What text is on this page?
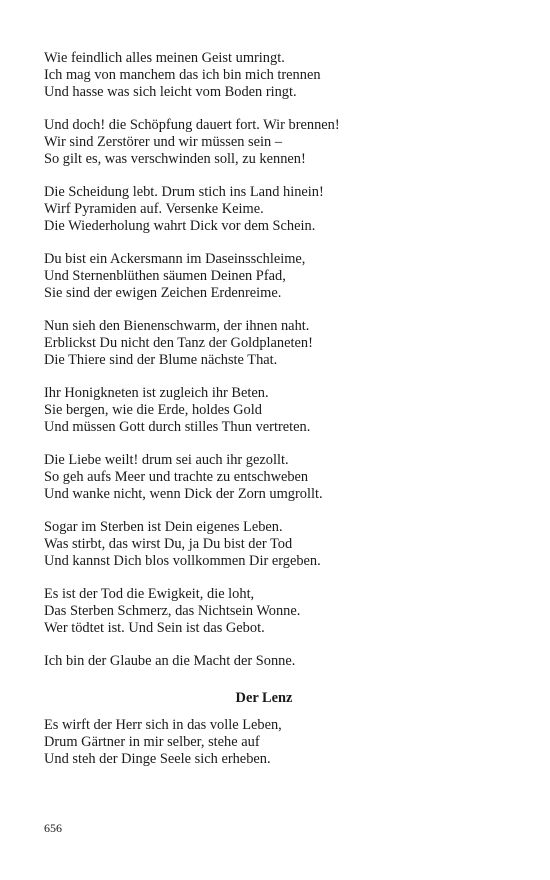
Wie feindlich alles meinen Geist umringt.
Ich mag von manchem das ich bin mich trennen
Und hasse was sich leicht vom Boden ringt.
Und doch! die Schöpfung dauert fort. Wir brennen!
Wir sind Zerstörer und wir müssen sein –
So gilt es, was verschwinden soll, zu kennen!
Die Scheidung lebt. Drum stich ins Land hinein!
Wirf Pyramiden auf. Versenke Keime.
Die Wiederholung wahrt Dick vor dem Schein.
Du bist ein Ackersmann im Daseinsschleime,
Und Sternenblüthen säumen Deinen Pfad,
Sie sind der ewigen Zeichen Erdenreime.
Nun sieh den Bienenschwarm, der ihnen naht.
Erblickst Du nicht den Tanz der Goldplaneten!
Die Thiere sind der Blume nächste That.
Ihr Honigkneten ist zugleich ihr Beten.
Sie bergen, wie die Erde, holdes Gold
Und müssen Gott durch stilles Thun vertreten.
Die Liebe weilt! drum sei auch ihr gezollt.
So geh aufs Meer und trachte zu entschweben
Und wanke nicht, wenn Dick der Zorn umgrollt.
Sogar im Sterben ist Dein eigenes Leben.
Was stirbt, das wirst Du, ja Du bist der Tod
Und kannst Dich blos vollkommen Dir ergeben.
Es ist der Tod die Ewigkeit, die loht,
Das Sterben Schmerz, das Nichtsein Wonne.
Wer tödtet ist. Und Sein ist das Gebot.
Ich bin der Glaube an die Macht der Sonne.
Der Lenz
Es wirft der Herr sich in das volle Leben,
Drum Gärtner in mir selber, stehe auf
Und steh der Dinge Seele sich erheben.
656
